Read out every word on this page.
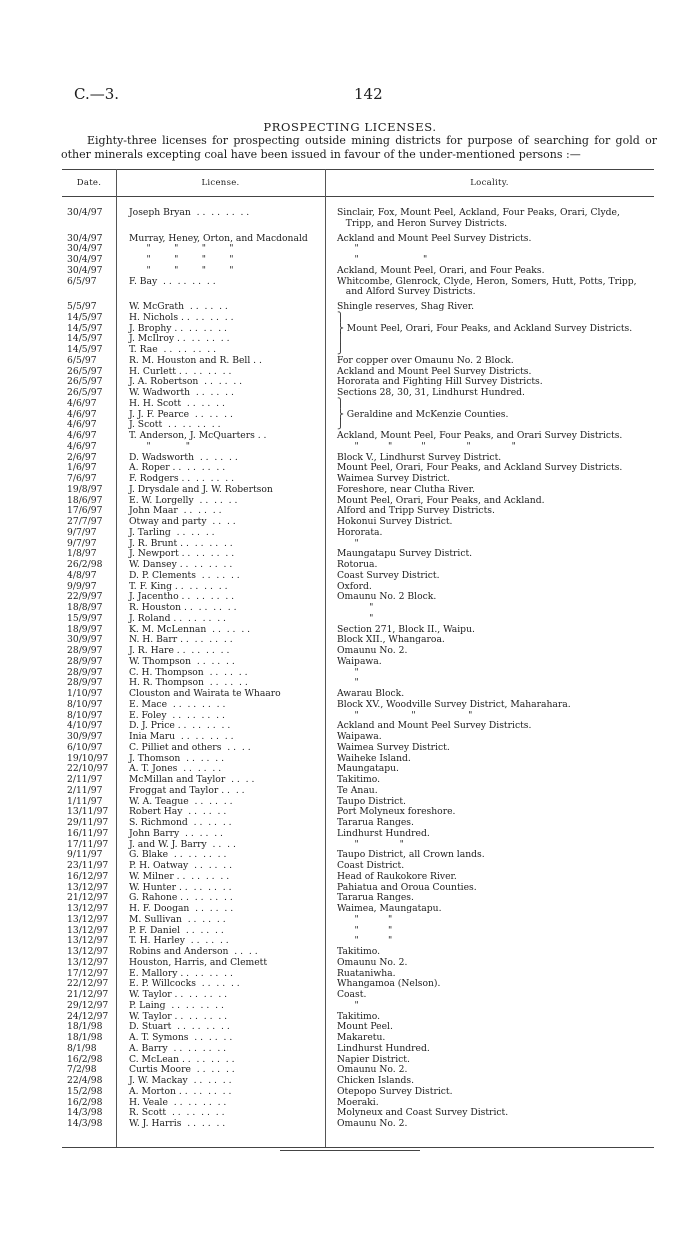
C.—3.	142
PROSPECTING LICENSES.
Eighty-three licenses for prospecting outside mining districts for purpose of searching for gold or other minerals excepting coal have been issued in favour of the under-mentioned persons :—
Date.	License.	Locality.
30/4/97	Joseph Bryan  . .  . .  . .  . .	Sinclair, Fox, Mount Peel, Ackland, Four Peaks, Orari, Clyde,
Tripp, and Heron Survey Districts.
30/4/97	Murray, Heney, Orton, and Macdonald	Ackland and Mount Peel Survey Districts.
30/4/97	"        "        "        "	"
30/4/97	"        "        "        "	"                      "
30/4/97	"        "        "        "	Ackland, Mount Peel, Orari, and Four Peaks.
6/5/97	F. Bay  . .  . .  . .  . .	Whitcombe, Glenrock, Clyde, Heron, Somers, Hutt, Potts, Tripp,
and Alford Survey Districts.
5/5/97	W. McGrath  . .  . .  . .	Shingle reserves, Shag River.
14/5/97	H. Nichols . .  . .  . .  . .	⎫
14/5/97	J. Brophy . .  . .  . .  . .	⎬ Mount Peel, Orari, Four Peaks, and Ackland Survey Districts.
14/5/97	J. McIlroy . .  . .  . .  . .	⎪
14/5/97	T. Rae  . .  . .  . .  . .	⎭
6/5/97	R. M. Houston and R. Bell . .	For copper over Omaunu No. 2 Block.
26/5/97	H. Curlett . .  . .  . .  . .	Ackland and Mount Peel Survey Districts.
26/5/97	J. A. Robertson  . .  . .  . .	Hororata and Fighting Hill Survey Districts.
26/5/97	W. Wadworth  . .  . .  . .	Sections 28, 30, 31, Lindhurst Hundred.
4/6/97	H. H. Scott  . .  . .  . .	⎫
4/6/97	J. J. F. Pearce  . .  . .  . .	⎬ Geraldine and McKenzie Counties.
4/6/97	J. Scott  . .  . .  . .  . .	⎭
4/6/97	T. Anderson, J. McQuarters . .	Ackland, Mount Peel, Four Peaks, and Orari Survey Districts.
4/6/97	"            "	"          "          "              "              "
2/6/97	D. Wadsworth  . .  . .  . .	Block V., Lindhurst Survey District.
1/6/97	A. Roper . .  . .  . .  . .	Mount Peel, Orari, Four Peaks, and Ackland Survey Districts.
7/6/97	F. Rodgers . .  . .  . .  . .	Waimea Survey District.
19/8/97	J. Drysdale and J. W. Robertson	Foreshore, near Clutha River.
18/6/97	E. W. Lorgelly  . .  . .  . .	Mount Peel, Orari, Four Peaks, and Ackland.
17/6/97	John Maar  . .  . .  . .	Alford and Tripp Survey Districts.
27/7/97	Otway and party  . .  . .	Hokonui Survey District.
9/7/97	J. Tarling  . .  . .  . .	Hororata.
9/7/97	J. R. Brunt . .  . .  . .  . .	"
1/8/97	J. Newport . .  . .  . .  . .	Maungatapu Survey District.
26/2/98	W. Dansey . .  . .  . .  . .	Rotorua.
4/8/97	D. P. Clements  . .  . .  . .	Coast Survey District.
9/9/97	T. F. King . .  . .  . .  . .	Oxford.
22/9/97	J. Jacentho . .  . .  . .  . .	Omaunu No. 2 Block.
18/8/97	R. Houston . .  . .  . .  . .	"
15/9/97	J. Roland . .  . .  . .  . .	"
18/9/97	K. M. McLennan  . .  . .  . .	Section 271, Block II., Waipu.
30/9/97	N. H. Barr . .  . .  . .  . .	Block XII., Whangaroa.
28/9/97	J. R. Hare . .  . .  . .  . .	Omaunu No. 2.
28/9/97	W. Thompson  . .  . .  . .	Waipawa.
28/9/97	C. H. Thompson  . .  . .  . .	"
28/9/97	H. R. Thompson  . .  . .  . .	"
1/10/97	Clouston and Wairata te Whaaro	Awarau Block.
8/10/97	E. Mace  . .  . .  . .  . .	Block XV., Woodville Survey District, Maharahara.
8/10/97	E. Foley  . .  . .  . .  . .	"                  "                  "
4/10/97	D. J. Price . .  . .  . .  . .	Ackland and Mount Peel Survey Districts.
30/9/97	Inia Maru  . .  . .  . .  . .	Waipawa.
6/10/97	C. Pilliet and others  . .  . .	Waimea Survey District.
19/10/97	J. Thomson  . .  . .  . .	Waiheke Island.
22/10/97	A. T. Jones  . .  . .  . .	Maungatapu.
2/11/97	McMillan and Taylor  . .  . .	Takitimo.
2/11/97	Froggat and Taylor . .  . .	Te Anau.
1/11/97	W. A. Teague  . .  . .  . .	Taupo District.
13/11/97	Robert Hay  . .  . .  . .	Port Molyneux foreshore.
29/11/97	S. Richmond  . .  . .  . .	Tararua Ranges.
16/11/97	John Barry  . .  . .  . .	Lindhurst Hundred.
17/11/97	J. and W. J. Barry  . .  . .	"              "
9/11/97	G. Blake  . .  . .  . .  . .	Taupo District, all Crown lands.
23/11/97	P. H. Oatway  . .  . .  . .	Coast District.
16/12/97	W. Milner . .  . .  . .  . .	Head of Raukokore River.
13/12/97	W. Hunter . .  . .  . .  . .	Pahiatua and Oroua Counties.
21/12/97	G. Rahone . .  . .  . .  . .	Tararua Ranges.
13/12/97	H. F. Doogan  . .  . .  . .	Waimea, Maungatapu.
13/12/97	M. Sullivan  . .  . .  . .	"          "
13/12/97	P. F. Daniel  . .  . .  . .	"          "
13/12/97	T. H. Harley  . .  . .  . .	"          "
13/12/97	Robins and Anderson  . .  . .	Takitimo.
13/12/97	Houston, Harris, and Clemett	Omaunu No. 2.
17/12/97	E. Mallory . .  . .  . .  . .	Ruataniwha.
22/12/97	E. P. Willcocks  . .  . .  . .	Whangamoa (Nelson).
21/12/97	W. Taylor . .  . .  . .  . .	Coast.
29/12/97	P. Laing  . .  . .  . .  . .	"
24/12/97	W. Taylor . .  . .  . .  . .	Takitimo.
18/1/98	D. Stuart  . .  . .  . .  . .	Mount Peel.
18/1/98	A. T. Symons  . .  . .  . .	Makaretu.
8/1/98	A. Barry  . .  . .  . .  . .	Lindhurst Hundred.
16/2/98	C. McLean . .  . .  . .  . .	Napier District.
7/2/98	Curtis Moore  . .  . .  . .	Omaunu No. 2.
22/4/98	J. W. Mackay  . .  . .  . .	Chicken Islands.
15/2/98	A. Morton . .  . .  . .  . .	Otepopo Survey District.
16/2/98	H. Veale  . .  . .  . .  . .	Moeraki.
14/3/98	R. Scott  . .  . .  . .  . .	Molyneux and Coast Survey District.
14/3/98	W. J. Harris  . .  . .  . .	Omaunu No. 2.
